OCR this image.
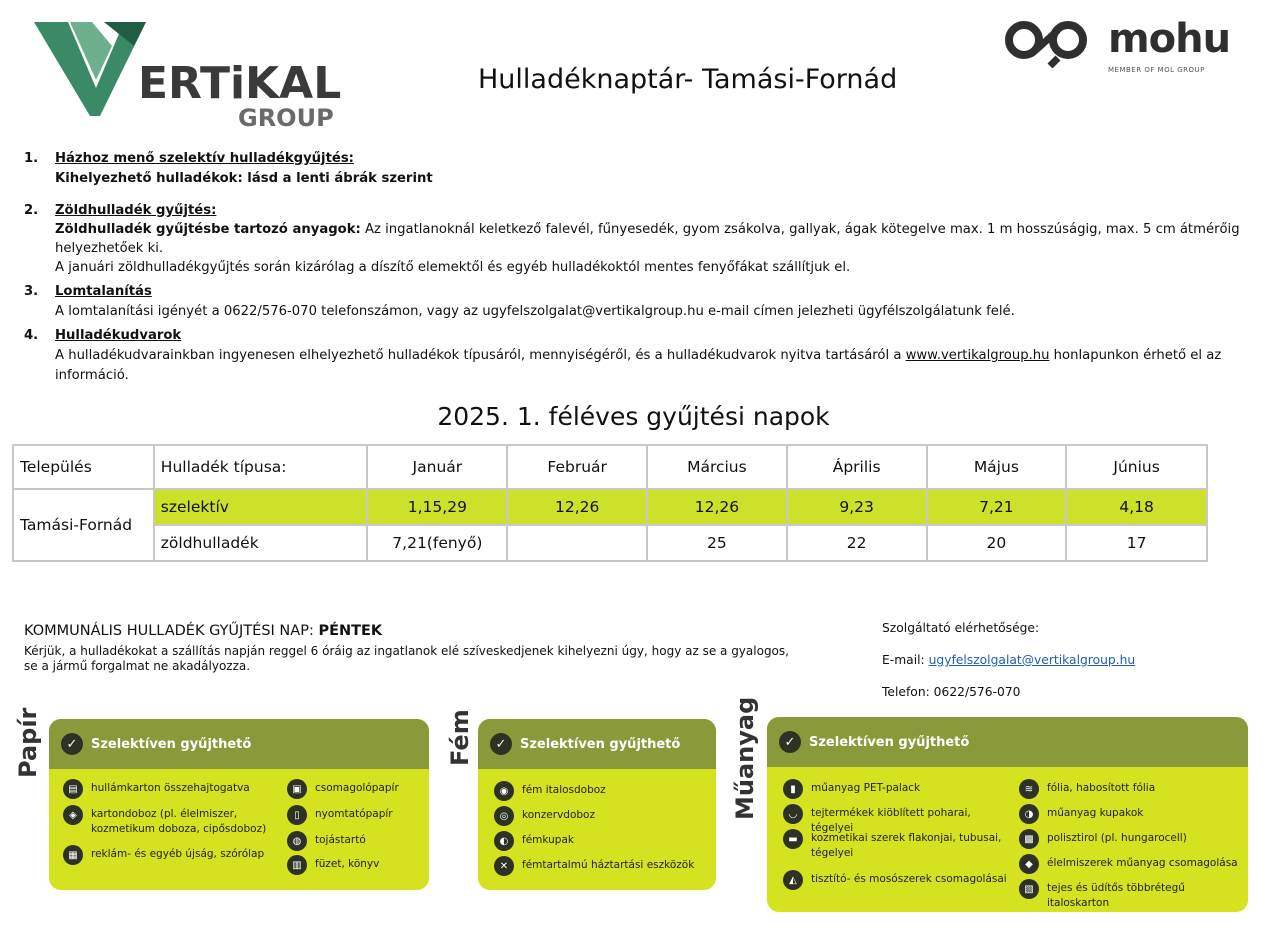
ERTiKAL
GROUP
mohu
MEMBER OF MOL GROUP
Hulladéknaptár- Tamási-Fornád
1. Házhoz menő szelektív hulladékgyűjtés:
Kihelyezhető hulladékok: lásd a lenti ábrák szerint
2. Zöldhulladék gyűjtés:
Zöldhulladék gyűjtésbe tartozó anyagok: Az ingatlanoknál keletkező falevél, fűnyesedék, gyom zsákolva, gallyak, ágak kötegelve max. 1 m hosszúságig, max. 5 cm átmérőig helyezhetőek ki.
A januári zöldhulladékgyűjtés során kizárólag a díszítő elemektől és egyéb hulladékoktól mentes fenyőfákat szállítjuk el.
3. Lomtalanítás
A lomtalanítási igényét a 0622/576-070 telefonszámon, vagy az ugyfelszolgalat@vertikalgroup.hu e-mail címen jelezheti ügyfélszolgálatunk felé.
4. Hulladékudvarok
A hulladékudvarainkban ingyenesen elhelyezhető hulladékok típusáról, mennyiségéről, és a hulladékudvarok nyitva tartásáról a www.vertikalgroup.hu honlapunkon érhető el az információ.
2025. 1. féléves gyűjtési napok
Település	Hulladék típusa:	Január	Február	Március	Április	Május	Június
Tamási-Fornád	szelektív	1,15,29	12,26	12,26	9,23	7,21	4,18
	zöldhulladék	7,21(fenyő)		25	22	20	17
KOMMUNÁLIS HULLADÉK GYŰJTÉSI NAP: PÉNTEK
Kérjük, a hulladékokat a szállítás napján reggel 6 óráig az ingatlanok elé szíveskedjenek kihelyezni úgy, hogy az se a gyalogos, se a jármű forgalmat ne akadályozza.
Szolgáltató elérhetősége:
E-mail: ugyfelszolgalat@vertikalgroup.hu
Telefon: 0622/576-070
Papír	Fém	Műanyag
✓	Szelektíven gyűjthető
▤	hullámkarton összehajtogatva
◈	kartondoboz (pl. élelmiszer, kozmetikum doboza, cipősdoboz)
▦	reklám- és egyéb újság, szórólap
▣	csomagolópapír
▯	nyomtatópapír
◍	tojástartó
▥	füzet, könyv
✓	Szelektíven gyűjthető
◉	fém italosdoboz
◎	konzervdoboz
◐	fémkupak
✕	fémtartalmú háztartási eszközök
✓	Szelektíven gyűjthető
▮	műanyag PET-palack
◡	tejtermékek kiöblített poharai, tégelyei
▬	kozmetikai szerek flakonjai, tubusai, tégelyei
◭	tisztító- és mosószerek csomagolásai
≋	fólia, habosított fólia
◑	műanyag kupakok
▩	polisztirol (pl. hungarocell)
◆	élelmiszerek műanyag csomagolása
▧	tejes és üdítős többrétegű italoskarton
